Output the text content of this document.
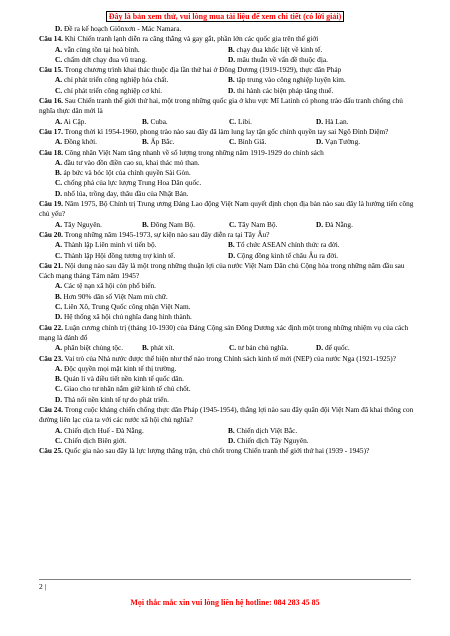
Đây là bản xem thử, vui lòng mua tài liệu để xem chi tiết (có lời giải)
D. Đề ra kế hoạch Giônxơn - Mác Namara.
Câu 14. Khi Chiến tranh lạnh diễn ra căng thẳng và gay gắt, phần lớn các quốc gia trên thế giới
A. vẫn cùng tồn tại hoà bình.	B. chạy đua khốc liệt về kinh tế.
C. chấm dứt chạy đua vũ trang.	D. mâu thuẫn về vấn đề thuộc địa.
Câu 15. Trong chương trình khai thác thuộc địa lần thứ hai ở Đông Dương (1919-1929), thực dân Pháp
A. chỉ phát triển công nghiệp hóa chất.	B. tập trung vào công nghiệp luyện kim.
C. chỉ phát triển công nghiệp cơ khí.	D. thi hành các biện pháp tăng thuế.
Câu 16. Sau Chiến tranh thế giới thứ hai, một trong những quốc gia ở khu vực Mĩ Latinh có phong trào đấu tranh chống chủ nghĩa thực dân mới là
A. Ai Cập.	B. Cuba.	C. Libi.	D. Hà Lan.
Câu 17. Trong thời kì 1954-1960, phong trào nào sau đây đã làm lung lay tận gốc chính quyền tay sai Ngô Đình Diệm?
A. Đồng khởi.	B. Ấp Bắc.	C. Bình Giã.	D. Vạn Tường.
Câu 18. Công nhân Việt Nam tăng nhanh về số lượng trong những năm 1919-1929 do chính sách
A. đầu tư vào đồn điền cao su, khai thác mỏ than.
B. áp bức và bóc lột của chính quyền Sài Gòn.
C. chống phá của lực lượng Trung Hoa Dân quốc.
D. nhổ lúa, trồng đay, thâu đầu của Nhật Bản.
Câu 19. Năm 1975, Bộ Chính trị Trung ương Đảng Lao động Việt Nam quyết định chọn địa bàn nào sau đây là hướng tiến công chủ yếu?
A. Tây Nguyên.	B. Đông Nam Bộ.	C. Tây Nam Bộ.	D. Đà Nẵng.
Câu 20. Trong những năm 1945-1973, sự kiện nào sau đây diễn ra tại Tây Âu?
A. Thành lập Liên minh vì tiến bộ.	B. Tổ chức ASEAN chính thức ra đời.
C. Thành lập Hội đồng tương trợ kinh tế.	D. Cộng đồng kinh tế châu Âu ra đời.
Câu 21. Nội dung nào sau đây là một trong những thuận lợi của nước Việt Nam Dân chủ Cộng hòa trong những năm đầu sau Cách mạng tháng Tám năm 1945?
A. Các tệ nạn xã hội còn phổ biến.
B. Hơn 90% dân số Việt Nam mù chữ.
C. Liên Xô, Trung Quốc công nhận Việt Nam.
D. Hệ thống xã hội chủ nghĩa đang hình thành.
Câu 22. Luận cương chính trị (tháng 10-1930) của Đảng Cộng sản Đông Dương xác định một trong những nhiệm vụ của cách mạng là đánh đổ
A. phân biệt chủng tộc.	B. phát xít.	C. tư bản chủ nghĩa.	D. đế quốc.
Câu 23. Vai trò của Nhà nước được thể hiện như thế nào trong Chính sách kinh tế mới (NEP) của nước Nga (1921-1925)?
A. Độc quyền mọi mặt kinh tế thị trường.
B. Quản lí và điều tiết nền kinh tế quốc dân.
C. Giao cho tư nhân nắm giữ kinh tế chủ chốt.
D. Thả nổi nền kinh tế tự do phát triển.
Câu 24. Trong cuộc kháng chiến chống thực dân Pháp (1945-1954), thắng lợi nào sau đây quân đội Việt Nam đã khai thông con đường liên lạc của ta với các nước xã hội chủ nghĩa?
A. Chiến dịch Huế - Đà Nẵng.	B. Chiến dịch Việt Bắc.
C. Chiến dịch Biên giới.	D. Chiến dịch Tây Nguyên.
Câu 25. Quốc gia nào sau đây là lực lượng thăng trận, chủ chốt trong Chiến tranh thế giới thứ hai (1939 - 1945)?
2 |
Mọi thắc mắc xin vui lòng liên hệ hotline: 084 283 45 85
